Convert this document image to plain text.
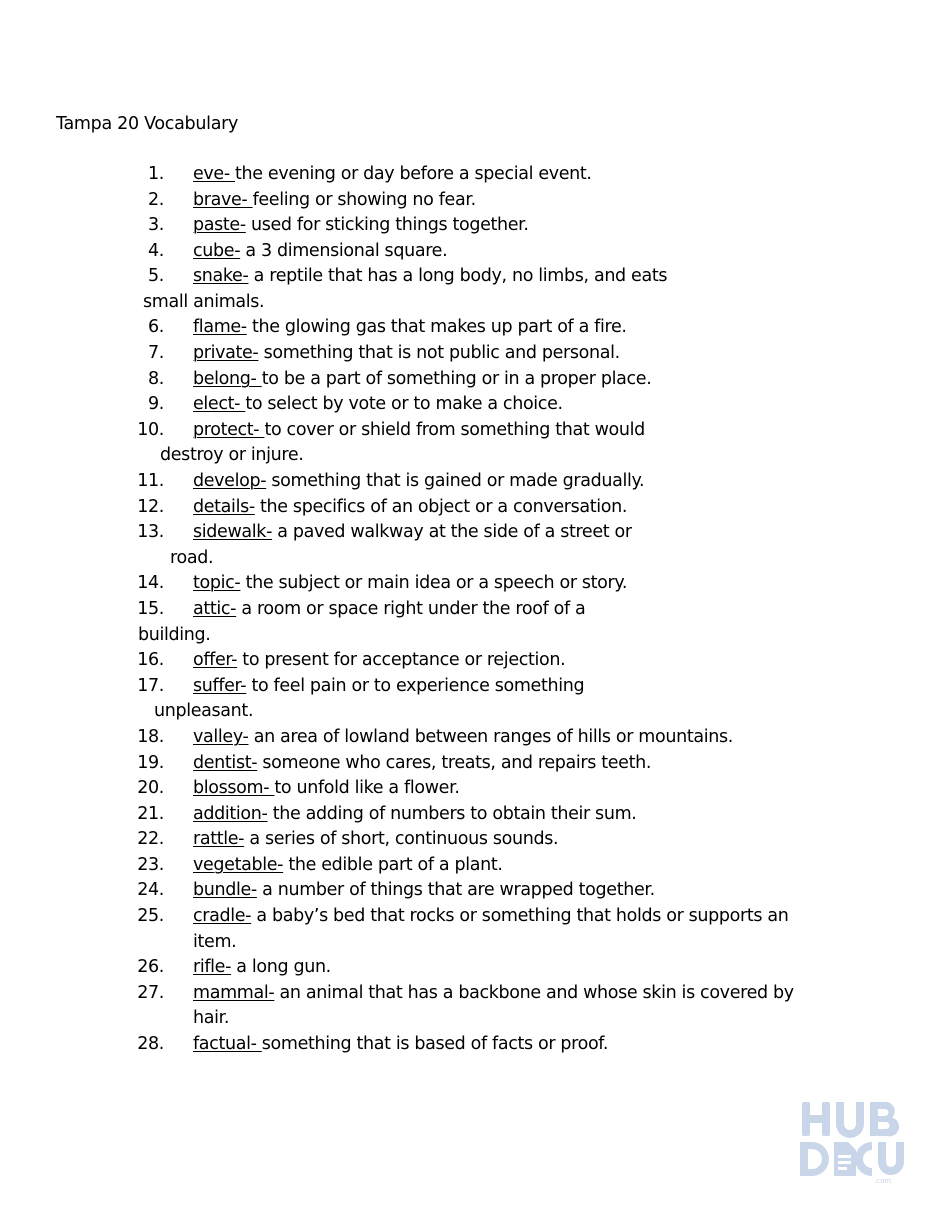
Tampa 20 Vocabulary
1. eve- the evening or day before a special event.
2. brave- feeling or showing no fear.
3. paste- used for sticking things together.
4. cube- a 3 dimensional square.
5. snake- a reptile that has a long body, no limbs, and eats
small animals.
6. flame- the glowing gas that makes up part of a fire.
7. private- something that is not public and personal.
8. belong- to be a part of something or in a proper place.
9. elect- to select by vote or to make a choice.
10. protect- to cover or shield from something that would
destroy or injure.
11. develop- something that is gained or made gradually.
12. details- the specifics of an object or a conversation.
13. sidewalk- a paved walkway at the side of a street or
road.
14. topic- the subject or main idea or a speech or story.
15. attic- a room or space right under the roof of a
building.
16. offer- to present for acceptance or rejection.
17. suffer- to feel pain or to experience something
unpleasant.
18. valley- an area of lowland between ranges of hills or mountains.
19. dentist- someone who cares, treats, and repairs teeth.
20. blossom- to unfold like a flower.
21. addition- the adding of numbers to obtain their sum.
22. rattle- a series of short, continuous sounds.
23. vegetable- the edible part of a plant.
24. bundle- a number of things that are wrapped together.
25. cradle- a baby’s bed that rocks or something that holds or supports an
item.
26. rifle- a long gun.
27. mammal- an animal that has a backbone and whose skin is covered by
hair.
28. factual- something that is based of facts or proof.
.com
